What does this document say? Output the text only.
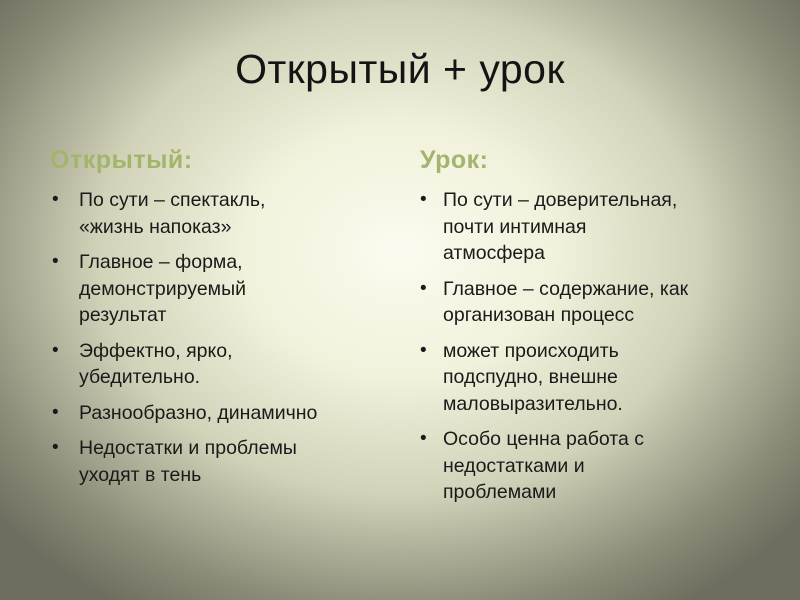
Открытый + урок
Открытый:
• По сути – спектакль,
«жизнь напоказ»
• Главное – форма,
демонстрируемый
результат
• Эффектно, ярко,
убедительно.
• Разнообразно, динамично
• Недостатки и проблемы
уходят в тень
Урок:
• По сути – доверительная,
почти интимная
атмосфера
• Главное – содержание, как
организован процесс
• может происходить
подспудно, внешне
маловыразительно.
• Особо ценна работа с
недостатками и
проблемами
